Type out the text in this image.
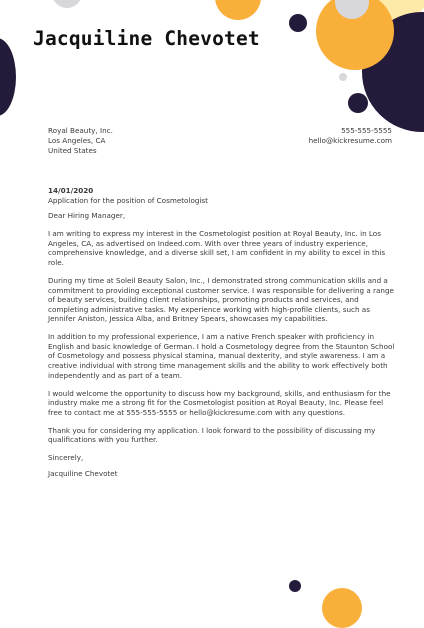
Jacquiline Chevotet
Royal Beauty, Inc.
Los Angeles, CA
United States
555-555-5555
hello@kickresume.com
14/01/2020
Application for the position of Cosmetologist

Dear Hiring Manager,

I am writing to express my interest in the Cosmetologist position at Royal Beauty, Inc. in Los Angeles, CA, as advertised on Indeed.com. With over three years of industry experience, comprehensive knowledge, and a diverse skill set, I am confident in my ability to excel in this role.

During my time at Soleil Beauty Salon, Inc., I demonstrated strong communication skills and a commitment to providing exceptional customer service. I was responsible for delivering a range of beauty services, building client relationships, promoting products and services, and completing administrative tasks. My experience working with high-profile clients, such as Jennifer Aniston, Jessica Alba, and Britney Spears, showcases my capabilities.

In addition to my professional experience, I am a native French speaker with proficiency in English and basic knowledge of German. I hold a Cosmetology degree from the Staunton School of Cosmetology and possess physical stamina, manual dexterity, and style awareness. I am a creative individual with strong time management skills and the ability to work effectively both independently and as part of a team.

I would welcome the opportunity to discuss how my background, skills, and enthusiasm for the industry make me a strong fit for the Cosmetologist position at Royal Beauty, Inc. Please feel free to contact me at 555-555-5555 or hello@kickresume.com with any questions.

Thank you for considering my application. I look forward to the possibility of discussing my qualifications with you further.

Sincerely,
Jacquiline Chevotet
